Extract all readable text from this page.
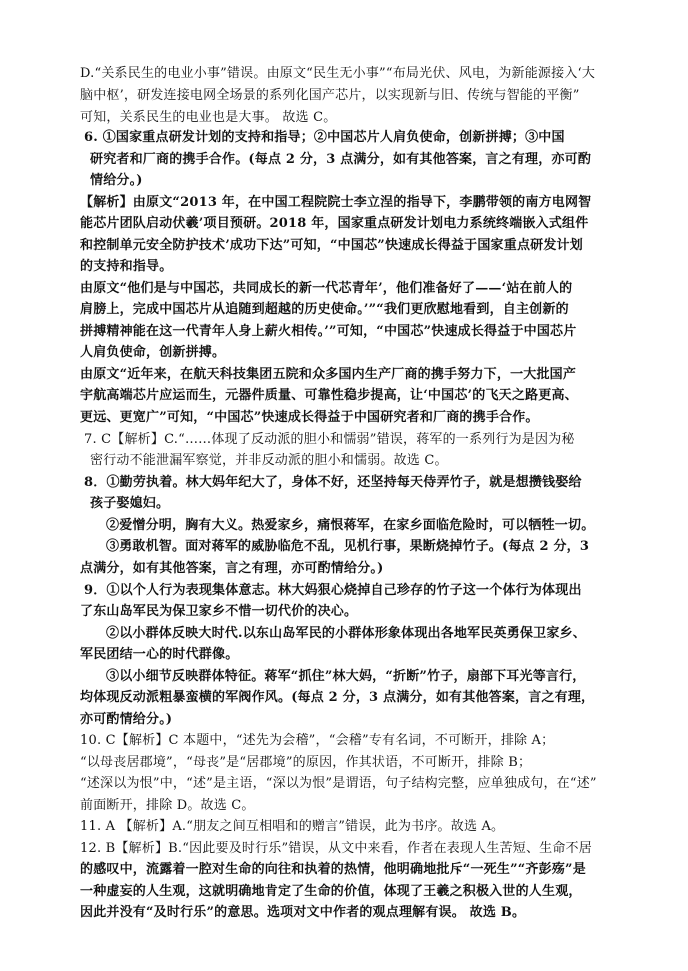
D.“关系民生的电业小事”错误。由原文“民生无小事”“布局光伏、风电，为新能源接入‘大

脑中枢’，研发连接电网全场景的系列化国产芯片，以实现新与旧、传统与智能的平衡”

可知，关系民生的电业也是大事。 故选 C。

6. ①国家重点研发计划的支持和指导；②中国芯片人肩负使命，创新拼搏；③中国

研究者和厂商的携手合作。(每点 2 分，3 点满分，如有其他答案，言之有理，亦可酌

情给分。)

【解析】由原文“2013 年，在中国工程院院士李立浧的指导下，李鹏带领的南方电网智

能芯片团队启动伏羲’项目预研。2018 年，国家重点研发计划电力系统终端嵌入式组件

和控制单元安全防护技术’成功下达”可知，“中国芯”快速成长得益于国家重点研发计划

的支持和指导。

由原文“他们是与中国芯，共同成长的新一代芯青年’，他们准备好了——‘站在前人的

肩膀上，完成中国芯片从追随到超越的历史使命。’”“我们更欣慰地看到，自主创新的

拼搏精神能在这一代青年人身上薪火相传。’”可知，“中国芯”快速成长得益于中国芯片

人肩负使命，创新拼搏。

由原文“近年来，在航天科技集团五院和众多国内生产厂商的携手努力下，一大批国产

宇航高端芯片应运而生，元器件质量、可靠性稳步提高，让‘中国芯’的飞天之路更高、

更远、更宽广”可知，“中国芯”快速成长得益于中国研究者和厂商的携手合作。

7. C【解析】C.“……体现了反动派的胆小和懦弱”错误，蒋军的一系列行为是因为秘

密行动不能泄漏军察觉，并非反动派的胆小和懦弱。故选 C。

8．①勤劳执着。林大妈年纪大了，身体不好，还坚持每天侍弄竹子，就是想攒钱娶给

孩子娶媳妇。

②爱憎分明，胸有大义。热爱家乡，痛恨蒋军，在家乡面临危险时，可以牺牲一切。

③勇敢机智。面对蒋军的威胁临危不乱，见机行事，果断烧掉竹子。(每点 2 分，3

点满分，如有其他答案，言之有理，亦可酌情给分。)

9．①以个人行为表现集体意志。林大妈狠心烧掉自己珍存的竹子这一个体行为体现出

了东山岛军民为保卫家乡不惜一切代价的决心。

②以小群体反映大时代.以东山岛军民的小群体形象体现出各地军民英勇保卫家乡、

军民团结一心的时代群像。

③以小细节反映群体特征。蒋军“抓住”林大妈，“折断”竹子，扇部下耳光等言行，

均体现反动派粗暴蛮横的军阀作风。(每点 2 分，3 点满分，如有其他答案，言之有理，

亦可酌情给分。)

10. C【解析】C 本题中，“述先为会稽”，“会稽”专有名词，不可断开，排除 A；

“以母丧居郡境”，“母丧”是“居郡境”的原因，作其状语，不可断开，排除 B；

“述深以为恨”中，“述”是主语，“深以为恨”是谓语，句子结构完整，应单独成句，在“述”

前面断开，排除 D。故选 C。

11. A 【解析】A.“朋友之间互相唱和的赠言”错误，此为书序。故选 A。

12. B【解析】B.“因此要及时行乐”错误，从文中来看，作者在表现人生苦短、生命不居

的感叹中，流露着一腔对生命的向往和执着的热情，他明确地批斥“一死生”“齐彭殇”是

一种虚妄的人生观，这就明确地肯定了生命的价值，体现了王羲之积极入世的人生观，

因此并没有“及时行乐”的意思。选项对文中作者的观点理解有误。 故选 B。
